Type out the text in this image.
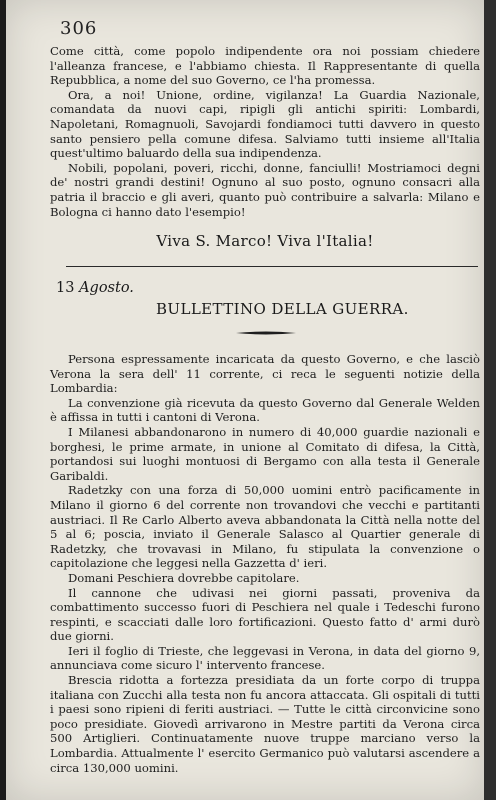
306

Come città, come popolo indipendente ora noi possiam chiedere l'alleanza francese, e l'abbiamo chiesta. Il Rappresentante di quella Repubblica, a nome del suo Governo, ce l'ha promessa.

Ora, a noi! Unione, ordine, vigilanza! La Guardia Nazionale, comandata da nuovi capi, ripigli gli antichi spiriti: Lombardi, Napoletani, Romagnuoli, Savojardi fondiamoci tutti davvero in questo santo pensiero pella comune difesa. Salviamo tutti insieme all'Italia quest'ultimo baluardo della sua indipendenza.

Nobili, popolani, poveri, ricchi, donne, fanciulli! Mostriamoci degni de' nostri grandi destini! Ognuno al suo posto, ognuno consacri alla patria il braccio e gli averi, quanto può contribuire a salvarla: Milano e Bologna ci hanno dato l'esempio!

Viva S. Marco! Viva l'Italia!
13 Agosto.
BULLETTINO DELLA GUERRA.

Persona espressamente incaricata da questo Governo, e che lasciò Verona la sera dell' 11 corrente, ci reca le seguenti notizie della Lombardia:

La convenzione già ricevuta da questo Governo dal Generale Welden è affissa in tutti i cantoni di Verona.

I Milanesi abbandonarono in numero di 40,000 guardie nazionali e borghesi, le prime armate, in unione al Comitato di difesa, la Città, portandosi sui luoghi montuosi di Bergamo con alla testa il Generale Garibaldi.

Radetzky con una forza di 50,000 uomini entrò pacificamente in Milano il giorno 6 del corrente non trovandovi che vecchi e partitanti austriaci. Il Re Carlo Alberto aveva abbandonata la Città nella notte del 5 al 6; poscia, inviato il Generale Salasco al Quartier generale di Radetzky, che trovavasi in Milano, fu stipulata la convenzione o capitolazione che leggesi nella Gazzetta d' ieri.

Domani Peschiera dovrebbe capitolare.

Il cannone che udivasi nei giorni passati, proveniva da combattimento successo fuori di Peschiera nel quale i Tedeschi furono respinti, e scacciati dalle loro fortificazioni. Questo fatto d' armi durò due giorni.

Ieri il foglio di Trieste, che leggevasi in Verona, in data del giorno 9, annunciava come sicuro l' intervento francese.

Brescia ridotta a fortezza presidiata da un forte corpo di truppa italiana con Zucchi alla testa non fu ancora attaccata. Gli ospitali di tutti i paesi sono ripieni di feriti austriaci. — Tutte le città circonvicine sono poco presidiate. Giovedì arrivarono in Mestre partiti da Verona circa 500 Artiglieri. Continuatamente nuove truppe marciano verso la Lombardia. Attualmente l' esercito Germanico può valutarsi ascendere a circa 130,000 uomini.
